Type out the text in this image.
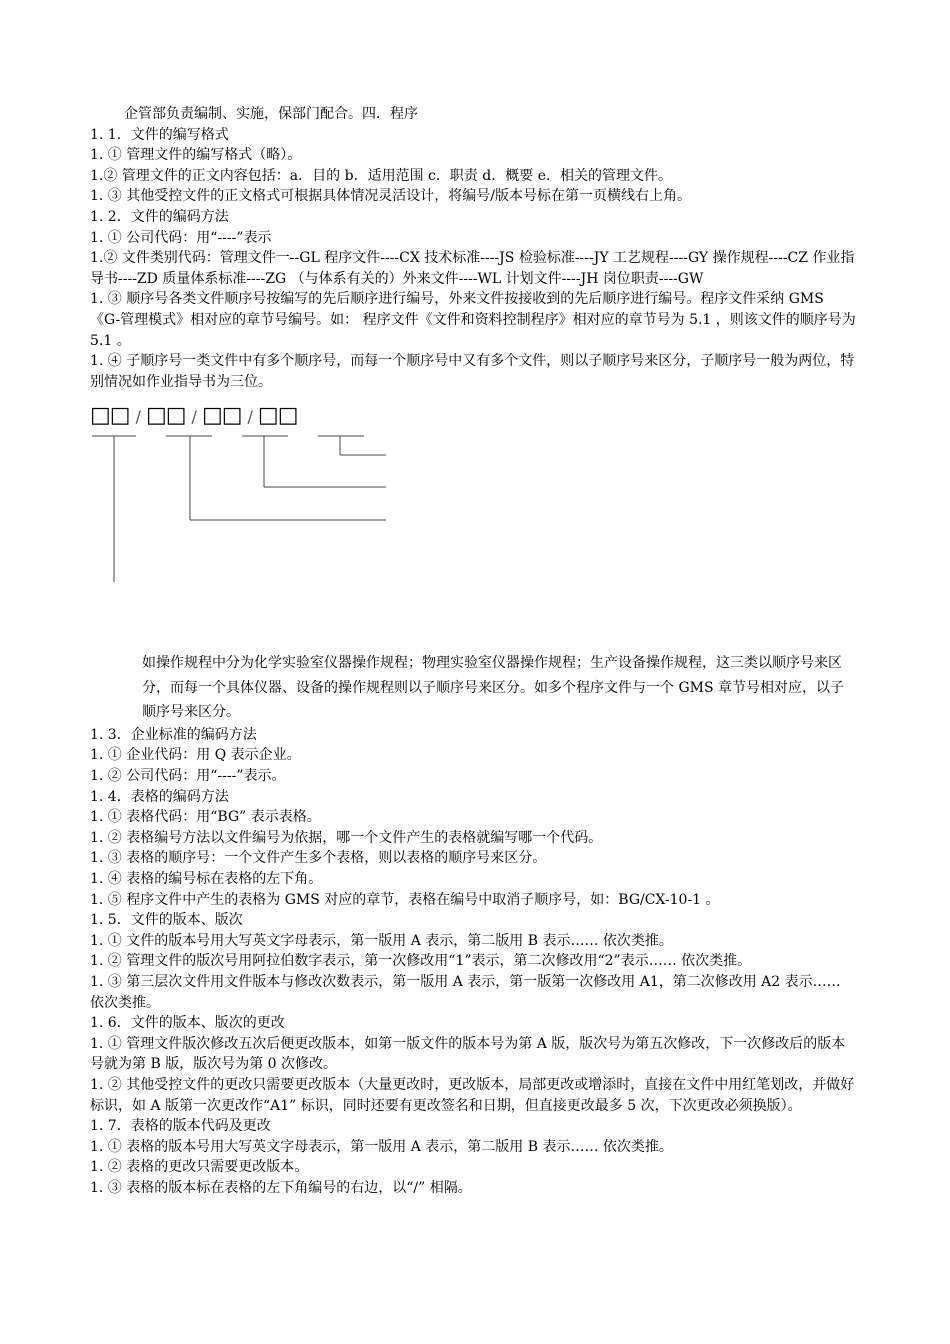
企管部负责编制、实施，保部门配合。四．程序

1. 1．文件的编写格式

1. ① 管理文件的编写格式（略）。

1.② 管理文件的正文内容包括：a．目的 b．适用范围 c．职责 d．概要 e．相关的管理文件。

1. ③ 其他受控文件的正文格式可根据具体情况灵活设计，将编号/版本号标在第一页横线右上角。

1. 2．文件的编码方法

1. ① 公司代码：用“----”表示

1.② 文件类别代码：管理文件一--GL 程序文件----CX 技术标准----JS 检验标准----JY 工艺规程----GY 操作规程----CZ 作业指导书----ZD 质量体系标准----ZG （与体系有关的）外来文件----WL 计划文件----JH 岗位职责----GW

1. ③ 顺序号各类文件顺序号按编写的先后顺序进行编号，外来文件按接收到的先后顺序进行编号。程序文件采纳 GMS 《G-管理模式》相对应的章节号编号。如： 程序文件《文件和资料控制程序》相对应的章节号为 5.1 ，则该文件的顺序号为 5.1 。

1. ④ 子顺序号一类文件中有多个顺序号，而每一个顺序号中又有多个文件，则以子顺序号来区分，子顺序号一般为两位，特别情况如作业指导书为三位。

□□ / □□ / □□ / □□

如操作规程中分为化学实验室仪器操作规程；物理实验室仪器操作规程；生产设备操作规程，这三类以顺序号来区分，而每一个具体仪器、设备的操作规程则以子顺序号来区分。如多个程序文件与一个 GMS 章节号相对应，以子顺序号来区分。

1. 3．企业标准的编码方法

1. ① 企业代码：用 Q 表示企业。

1. ② 公司代码：用“----”表示。

1. 4．表格的编码方法

1. ① 表格代码：用“BG” 表示表格。

1. ② 表格编号方法以文件编号为依据，哪一个文件产生的表格就编写哪一个代码。

1. ③ 表格的顺序号：一个文件产生多个表格，则以表格的顺序号来区分。

1. ④ 表格的编号标在表格的左下角。

1. ⑤ 程序文件中产生的表格为 GMS 对应的章节，表格在编号中取消子顺序号，如：BG/CX-10-1 。

1. 5．文件的版本、版次

1. ① 文件的版本号用大写英文字母表示，第一版用 A 表示，第二版用 B 表示…… 依次类推。

1. ② 管理文件的版次号用阿拉伯数字表示，第一次修改用“1”表示，第二次修改用“2”表示…… 依次类推。

1. ③ 第三层次文件用文件版本与修改次数表示，第一版用 A 表示，第一版第一次修改用 A1，第二次修改用 A2 表示…… 依次类推。

1. 6．文件的版本、版次的更改

1. ① 管理文件版次修改五次后便更改版本，如第一版文件的版本号为第 A 版，版次号为第五次修改，下一次修改后的版本号就为第 B 版，版次号为第 0 次修改。

1. ② 其他受控文件的更改只需要更改版本（大量更改时，更改版本，局部更改或增添时，直接在文件中用红笔划改，并做好标识，如 A 版第一次更改作“A1” 标识，同时还要有更改签名和日期，但直接更改最多 5 次，下次更改必须换版）。

1. 7．表格的版本代码及更改

1. ① 表格的版本号用大写英文字母表示，第一版用 A 表示，第二版用 B 表示…… 依次类推。

1. ② 表格的更改只需要更改版本。

1. ③ 表格的版本标在表格的左下角编号的右边，以“/” 相隔。
